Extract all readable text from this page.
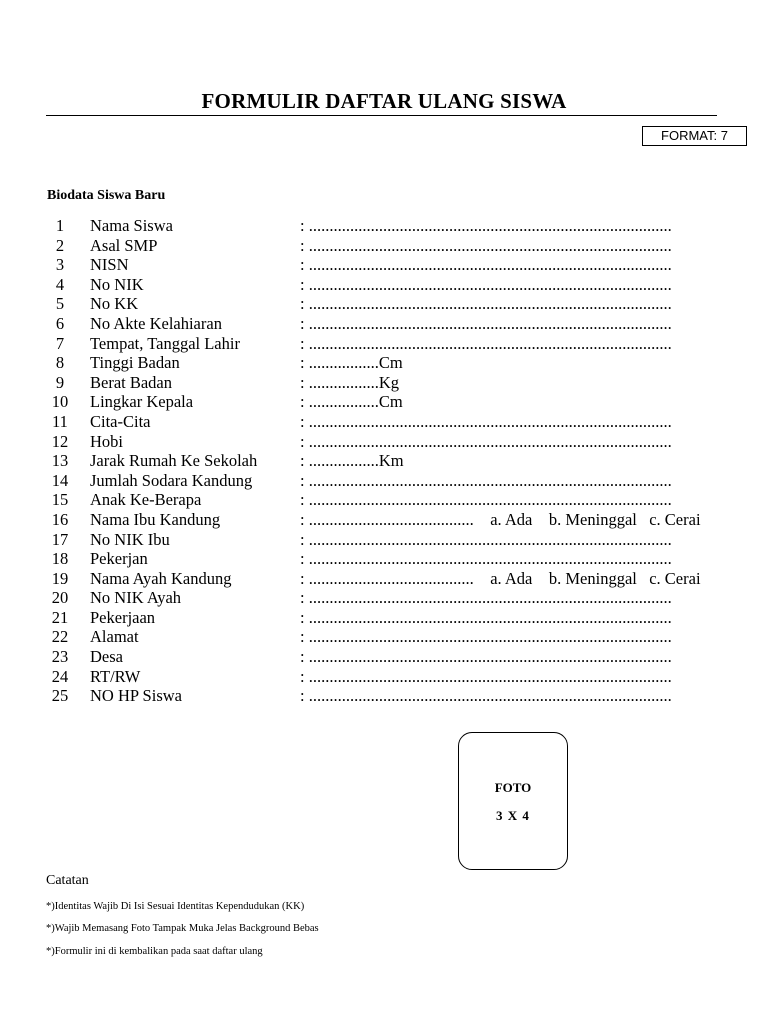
FORMULIR DAFTAR ULANG SISWA
FORMAT: 7
Biodata Siswa Baru
1	Nama Siswa	: ........................................................................................
2	Asal SMP	: ........................................................................................
3	NISN	: ........................................................................................
4	No NIK	: ........................................................................................
5	No KK	: ........................................................................................
6	No Akte Kelahiaran	: ........................................................................................
7	Tempat, Tanggal Lahir	: ........................................................................................
8	Tinggi Badan	: .................Cm
9	Berat Badan	: .................Kg
10	Lingkar Kepala	: .................Cm
11	Cita-Cita	: ........................................................................................
12	Hobi	: ........................................................................................
13	Jarak Rumah Ke Sekolah	: .................Km
14	Jumlah Sodara Kandung	: ........................................................................................
15	Anak Ke-Berapa	: ........................................................................................
16	Nama Ibu Kandung	: ........................................    a. Ada    b. Meninggal   c. Cerai
17	No NIK Ibu	: ........................................................................................
18	Pekerjan	: ........................................................................................
19	Nama Ayah Kandung	: ........................................    a. Ada    b. Meninggal   c. Cerai
20	No NIK Ayah	: ........................................................................................
21	Pekerjaan	: ........................................................................................
22	Alamat	: ........................................................................................
23	Desa	: ........................................................................................
24	RT/RW	: ........................................................................................
25	NO HP Siswa	: ........................................................................................
FOTO
3 X 4
Catatan
*)Identitas Wajib Di Isi Sesuai Identitas Kependudukan (KK)
*)Wajib Memasang Foto Tampak Muka Jelas Background Bebas
*)Formulir ini di kembalikan pada saat daftar ulang
